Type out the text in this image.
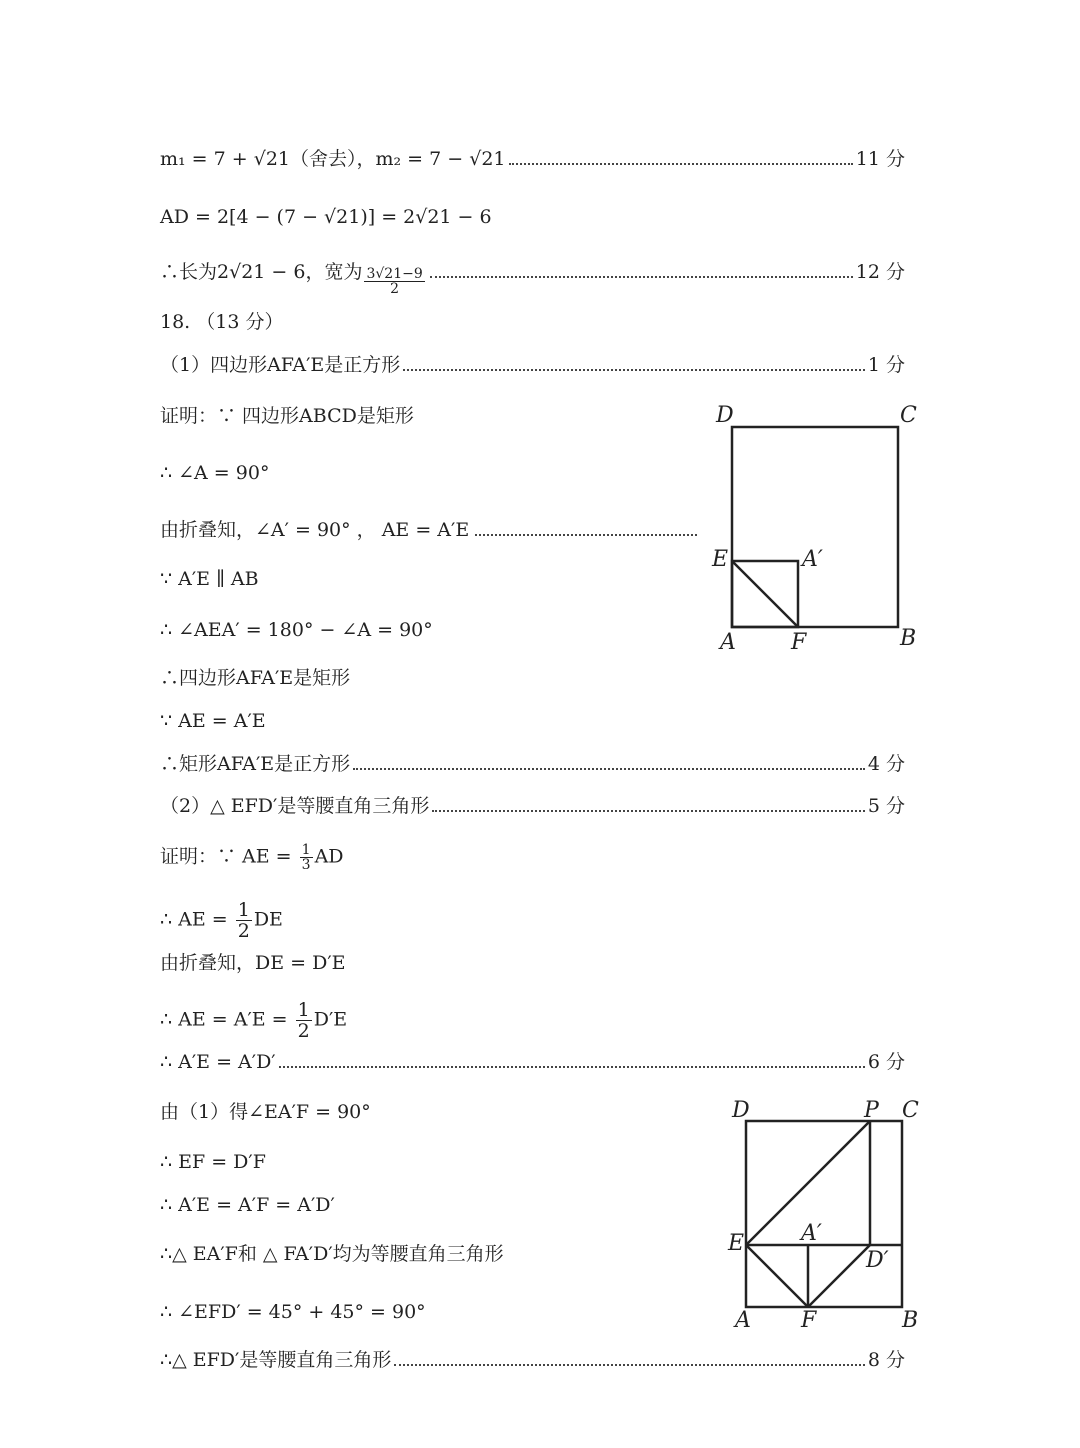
m₁ = 7 + √21（舍去），m₂ = 7 − √21	11 分
AD = 2[4 − (7 − √21)] = 2√21 − 6
∴长为2√21 − 6，宽为 $\frac{3√21-9}{2}$	12 分
18. （13 分）
（1）四边形AFA′E是正方形	1 分
证明：∵ 四边形ABCD是矩形
∴ ∠A = 90°
由折叠知，∠A′ = 90° ， AE = A′E
∵ A′E ∥ AB
∴ ∠AEA′ = 180° − ∠A = 90°
∴四边形AFA′E是矩形
∵ AE = A′E
∴矩形AFA′E是正方形	4 分
（2）△ EFD′是等腰直角三角形	5 分
证明：∵ AE = $\frac{1}{3}$ AD
∴ AE = $\frac{1}{2}$ DE
由折叠知，DE = D′E
∴ AE = $A'E = \frac{1}{2} D'E$
∴ A′E = A′D′	6 分
由（1）得∠EA′F = 90°
∴ EF = D′F
∴ A′E = A′F = A′D′
∴△ EA′F和 △ FA′D′均为等腰直角三角形
∴ ∠EFD′ = 45° + 45° = 90°
∴△ EFD′是等腰直角三角形	8 分
D	C
E	A′
A	F	B
D	P C
E	A′
D′
A F	B
